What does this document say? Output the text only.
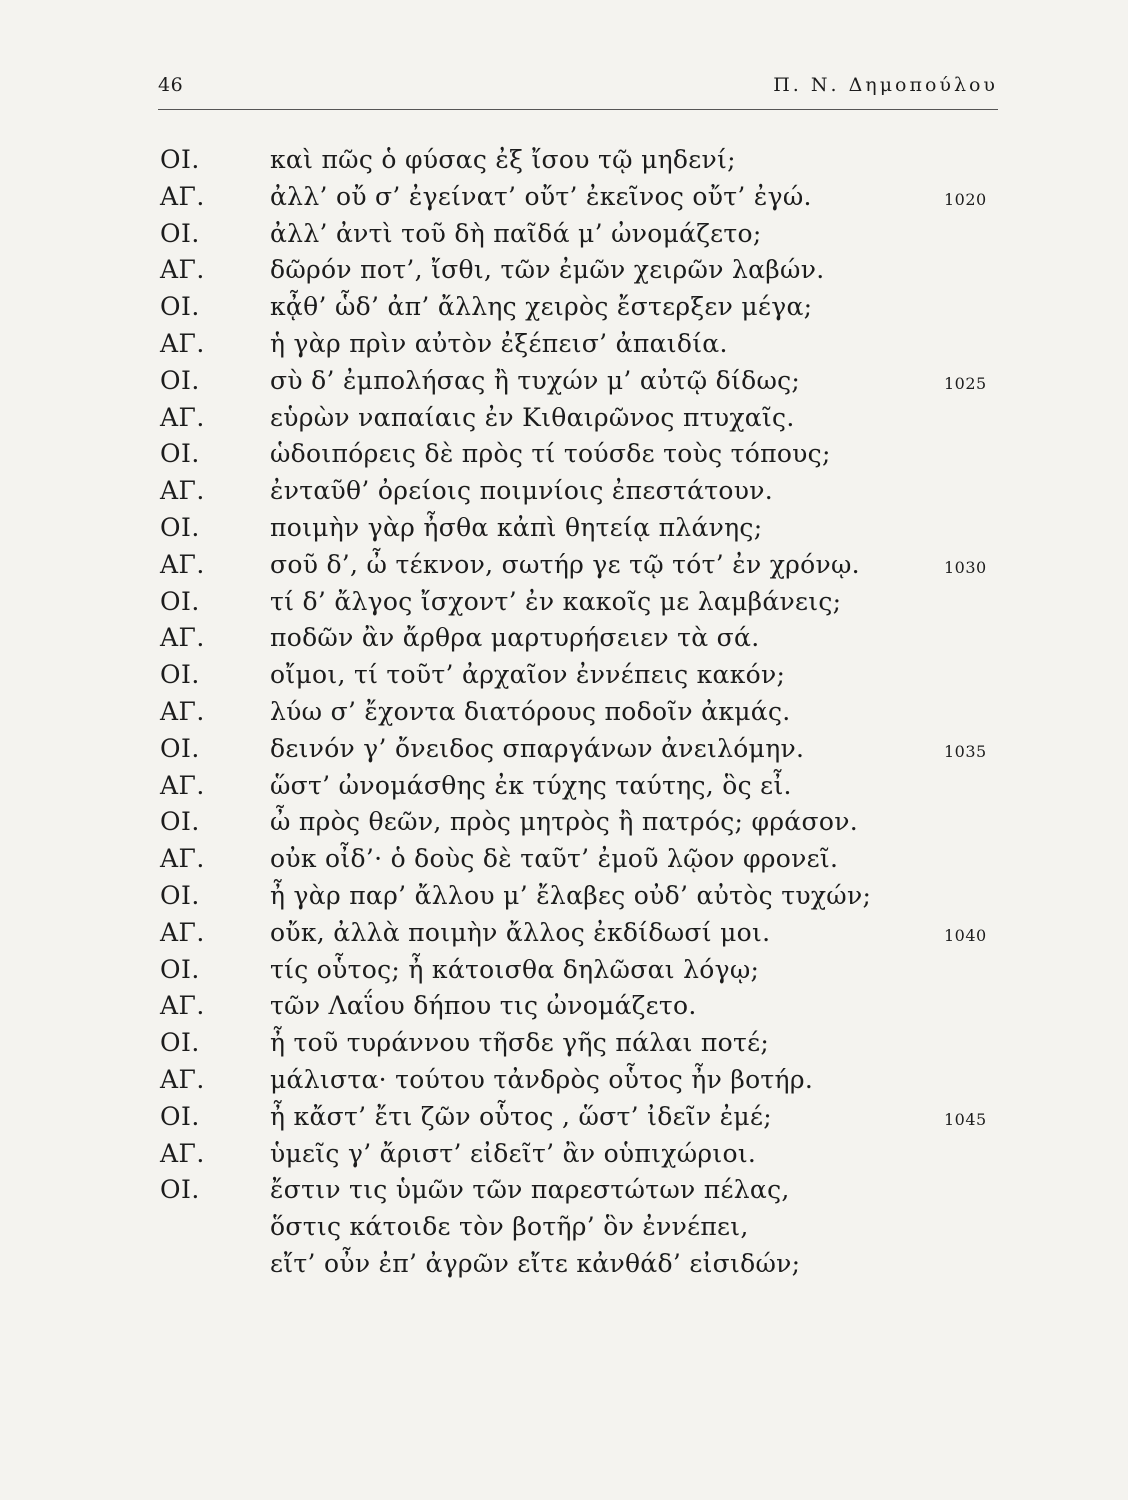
46	Π. Ν. Δημοπούλου
ΟΙ.	καὶ πῶς ὁ φύσας ἐξ ἴσου τῷ μηδενί;
ΑΓ.	ἀλλ’ οὔ σ’ ἐγείνατ’ οὔτ’ ἐκεῖνος οὔτ’ ἐγώ.	1020
ΟΙ.	ἀλλ’ ἀντὶ τοῦ δὴ παῖδά μ’ ὠνομάζετο;
ΑΓ.	δῶρόν ποτ’, ἴσθι, τῶν ἐμῶν χειρῶν λαβών.
ΟΙ.	κᾆθ’ ὧδ’ ἀπ’ ἄλλης χειρὸς ἔστερξεν μέγα;
ΑΓ.	ἡ γὰρ πρὶν αὐτὸν ἐξέπεισ’ ἀπαιδία.
ΟΙ.	σὺ δ’ ἐμπολήσας ἢ τυχών μ’ αὐτῷ δίδως;	1025
ΑΓ.	εὑρὼν ναπαίαις ἐν Κιθαιρῶνος πτυχαῖς.
ΟΙ.	ὡδοιπόρεις δὲ πρὸς τί τούσδε τοὺς τόπους;
ΑΓ.	ἐνταῦθ’ ὀρείοις ποιμνίοις ἐπεστάτουν.
ΟΙ.	ποιμὴν γὰρ ἦσθα κἀπὶ θητείᾳ πλάνης;
ΑΓ.	σοῦ δ’, ὦ τέκνον, σωτήρ γε τῷ τότ’ ἐν χρόνῳ.	1030
ΟΙ.	τί δ’ ἄλγος ἴσχοντ’ ἐν κακοῖς με λαμβάνεις;
ΑΓ.	ποδῶν ἂν ἄρθρα μαρτυρήσειεν τὰ σά.
ΟΙ.	οἴμοι, τί τοῦτ’ ἀρχαῖον ἐννέπεις κακόν;
ΑΓ.	λύω σ’ ἔχοντα διατόρους ποδοῖν ἀκμάς.
ΟΙ.	δεινόν γ’ ὄνειδος σπαργάνων ἀνειλόμην.	1035
ΑΓ.	ὥστ’ ὠνομάσθης ἐκ τύχης ταύτης, ὃς εἶ.
ΟΙ.	ὦ πρὸς θεῶν, πρὸς μητρὸς ἢ πατρός; φράσον.
ΑΓ.	οὐκ οἶδ’· ὁ δοὺς δὲ ταῦτ’ ἐμοῦ λῷον φρονεῖ.
ΟΙ.	ἦ γὰρ παρ’ ἄλλου μ’ ἔλαβες οὐδ’ αὐτὸς τυχών;
ΑΓ.	οὔκ, ἀλλὰ ποιμὴν ἄλλος ἐκδίδωσί μοι.	1040
ΟΙ.	τίς οὗτος; ἦ κάτοισθα δηλῶσαι λόγῳ;
ΑΓ.	τῶν Λαΐου δήπου τις ὠνομάζετο.
ΟΙ.	ἦ τοῦ τυράννου τῆσδε γῆς πάλαι ποτέ;
ΑΓ.	μάλιστα· τούτου τἀνδρὸς οὗτος ἦν βοτήρ.
ΟΙ.	ἦ κἄστ’ ἔτι ζῶν οὗτος , ὥστ’ ἰδεῖν ἐμέ;	1045
ΑΓ.	ὑμεῖς γ’ ἄριστ’ εἰδεῖτ’ ἂν οὑπιχώριοι.
ΟΙ.	ἔστιν τις ὑμῶν τῶν παρεστώτων πέλας,
ὅστις κάτοιδε τὸν βοτῆρ’ ὃν ἐννέπει,
εἴτ’ οὖν ἐπ’ ἀγρῶν εἴτε κἀνθάδ’ εἰσιδών;
